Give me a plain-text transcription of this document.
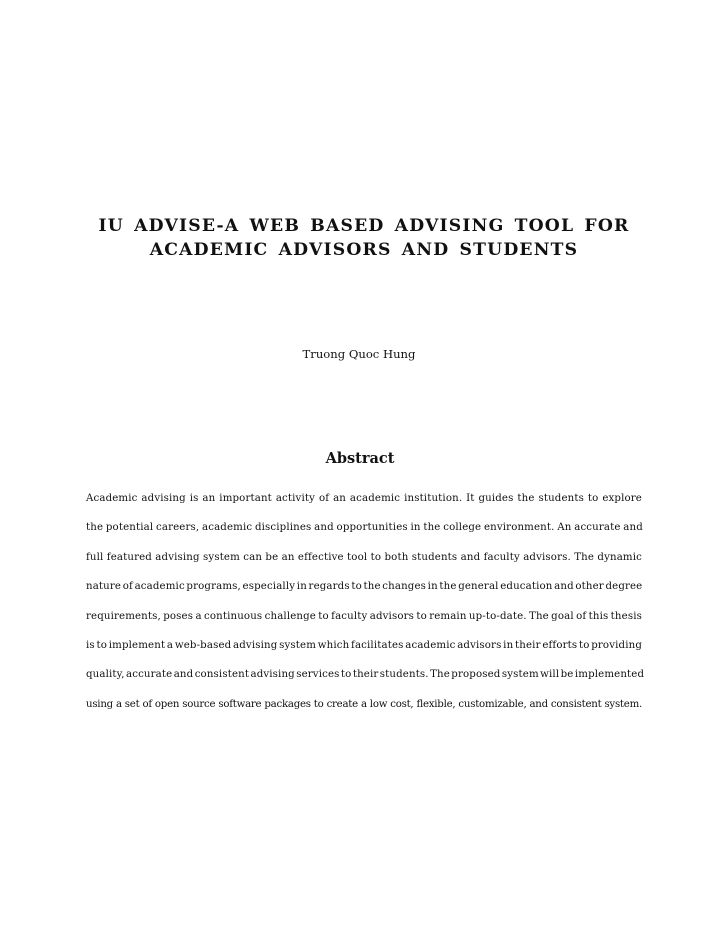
IU ADVISE-A WEB BASED ADVISING TOOL FOR
ACADEMIC ADVISORS AND STUDENTS
Truong Quoc Hung
Abstract
Academic advising is an important activity of an academic institution. It guides the students to explore
the potential careers, academic disciplines and opportunities in the college environment. An accurate and
full featured advising system can be an effective tool to both students and faculty advisors. The dynamic
nature of academic programs, especially in regards to the changes in the general education and other degree
requirements, poses a continuous challenge to faculty advisors to remain up-to-date. The goal of this thesis
is to implement a web-based advising system which facilitates academic advisors in their efforts to providing
quality, accurate and consistent advising services to their students. The proposed system will be implemented
using a set of open source software packages to create a low cost, flexible, customizable, and consistent system.
